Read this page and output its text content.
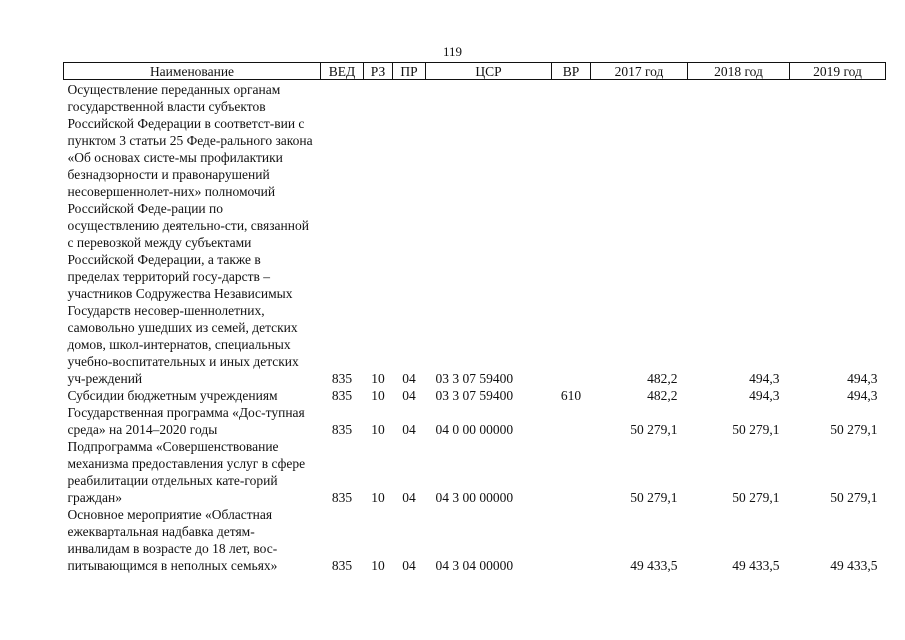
119
Наименование	ВЕД	РЗ	ПР	ЦСР	ВР	2017 год	2018 год	2019 год
Осуществление переданных органам государственной власти субъектов Российской Федерации в соответст-вии с пунктом 3 статьи 25 Феде-рального закона «Об основах систе-мы профилактики безнадзорности и правонарушений несовершеннолет-них» полномочий Российской Феде-рации по осуществлению деятельно-сти, связанной с перевозкой между субъектами Российской Федерации, а также в пределах территорий госу-дарств – участников Содружества Независимых Государств несовер-шеннолетних, самовольно ушедших из семей, детских домов, школ-интернатов, специальных учебно-воспитательных и иных детских уч-реждений	835	10	04	03 3 07 59400		482,2	494,3	494,3
Субсидии бюджетным учреждениям	835	10	04	03 3 07 59400	610	482,2	494,3	494,3
Государственная программа «Дос-тупная среда» на 2014–2020 годы	835	10	04	04 0 00 00000		50 279,1	50 279,1	50 279,1
Подпрограмма «Совершенствование механизма предоставления услуг в сфере реабилитации отдельных кате-горий граждан»	835	10	04	04 3 00 00000		50 279,1	50 279,1	50 279,1
Основное мероприятие «Областная ежеквартальная надбавка детям-инвалидам в возрасте до 18 лет, вос-питывающимся в неполных семьях»	835	10	04	04 3 04 00000		49 433,5	49 433,5	49 433,5
